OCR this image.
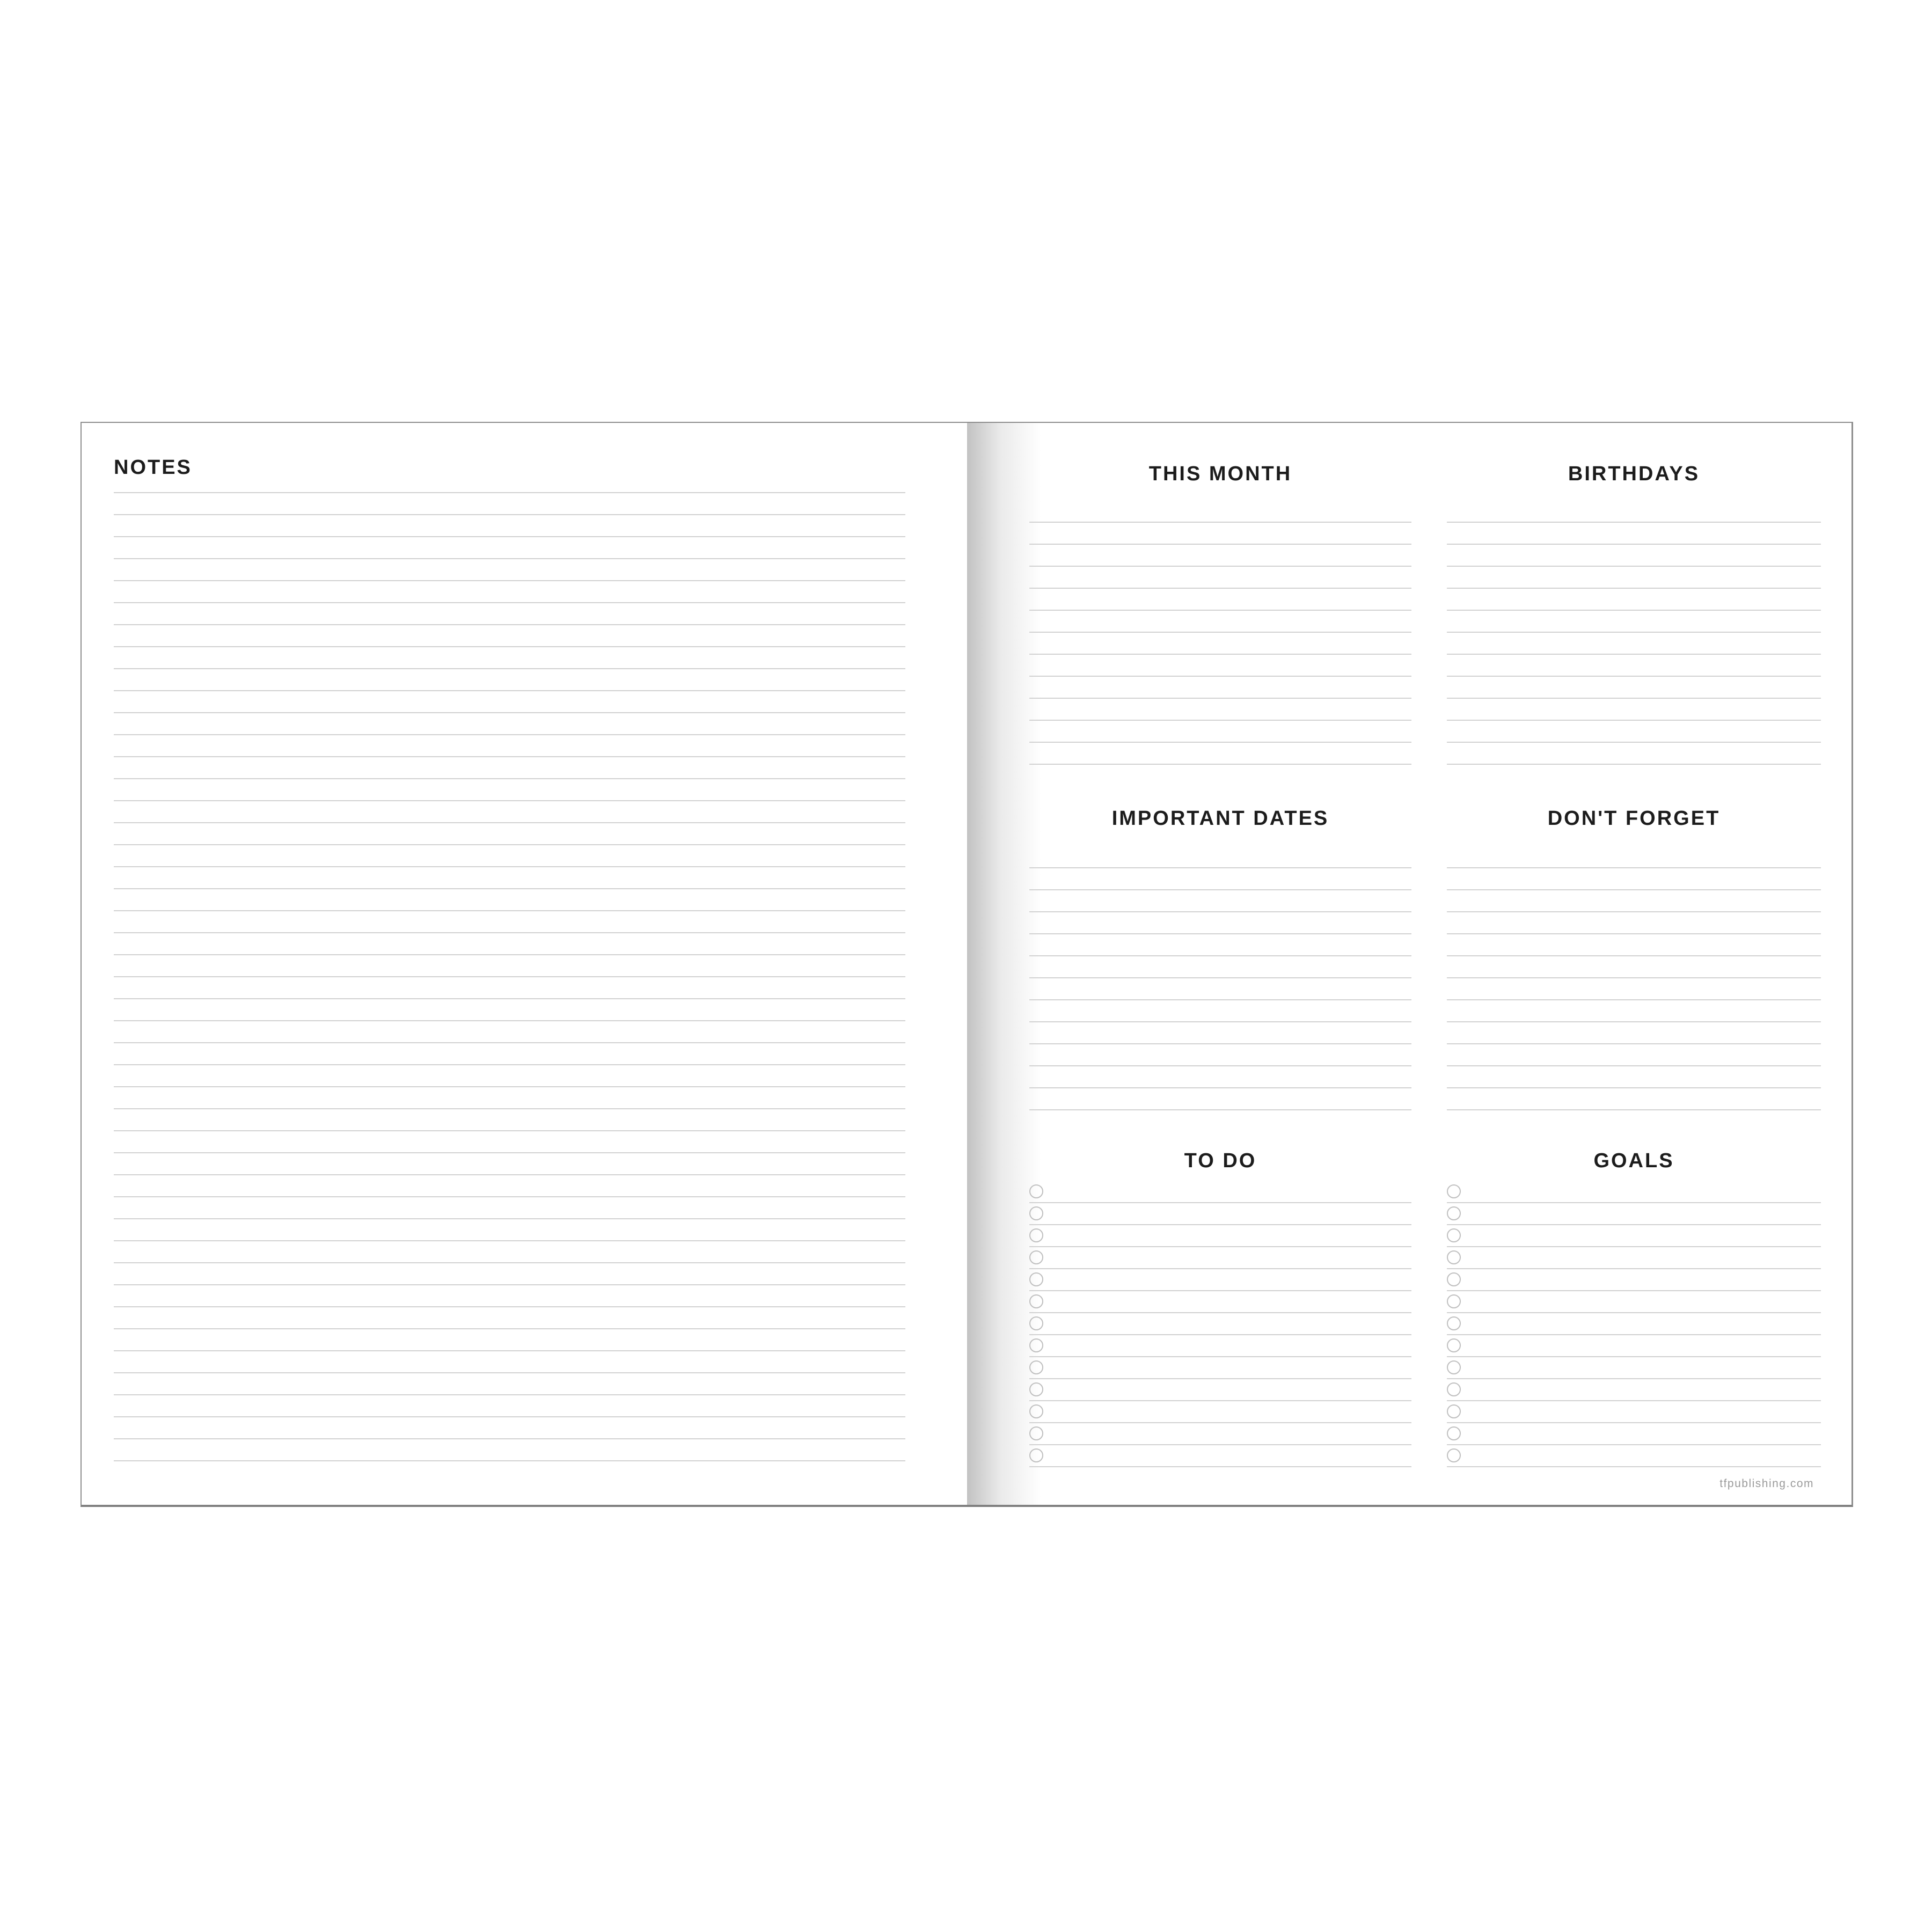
NOTES	THIS MONTH	BIRTHDAYS
IMPORTANT DATES	DON'T FORGET
TO DO	GOALS
tfpublishing.com
